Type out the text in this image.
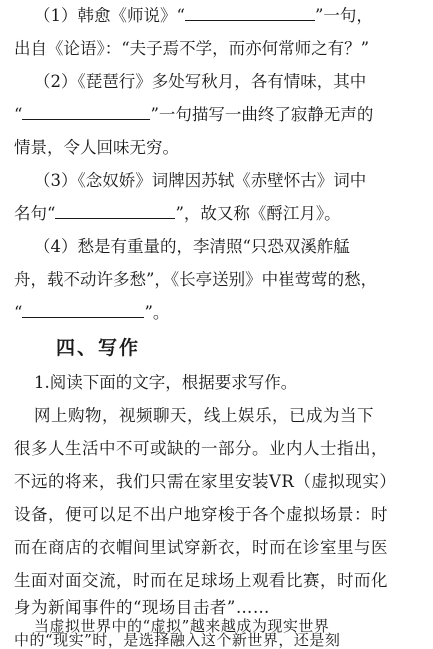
（1）韩愈《师说》“	”一句，
出自《论语》：“夫子焉不学，而亦何常师之有？”
（2）《琵琶行》多处写秋月，各有情味，其中
“	”一句描写一曲终了寂静无声的
情景，令人回味无穷。
（3）《念奴娇》词牌因苏轼《赤壁怀古》词中
名句“	”，故又称《酹江月》。
（4）愁是有重量的，李清照“只恐双溪舴艋
舟，载不动许多愁”，《长亭送别》中崔莺莺的愁，
“	”。
四、写作
1.阅读下面的文字，根据要求写作。
网上购物，视频聊天，线上娱乐，已成为当下
很多人生活中不可或缺的一部分。业内人士指出，
不远的将来，我们只需在家里安装VR（虚拟现实）
设备，便可以足不出户地穿梭于各个虚拟场景：时
而在商店的衣帽间里试穿新衣，时而在诊室里与医
生面对面交流，时而在足球场上观看比赛，时而化
身为新闻事件的“现场目击者”……
当虚拟世界中的“虚拟”越来越成为现实世界
中的“现实”时，是选择融入这个新世界，还是刻
